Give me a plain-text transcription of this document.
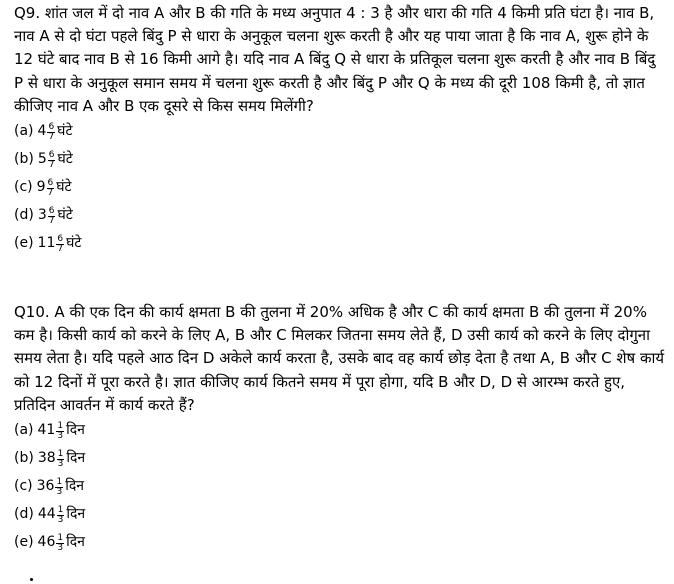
Q9. शांत जल में दो नाव A और B की गति के मध्य अनुपात 4 : 3 है और धारा की गति 4 किमी प्रति घंटा है। नाव B, नाव A से दो घंटा पहले बिंदु P से धारा के अनुकूल चलना शुरू करती है और यह पाया जाता है कि नाव A, शुरू होने के 12 घंटे बाद नाव B से 16 किमी आगे है। यदि नाव A बिंदु Q से धारा के प्रतिकूल चलना शुरू करती है और नाव B बिंदु P से धारा के अनुकूल समान समय में चलना शुरू करती है और बिंदु P और Q के मध्य की दूरी 108 किमी है, तो ज्ञात कीजिए नाव A और B एक दूसरे से किस समय मिलेंगी?

(a) $4 \frac{6}{7}$ घंटे
(b) $5 \frac{6}{7}$ घंटे
(c) $9 \frac{6}{7}$ घंटे
(d) $3 \frac{6}{7}$ घंटे
(e) $11 \frac{6}{7}$ घंटे

Q10. A की एक दिन की कार्य क्षमता B की तुलना में 20% अधिक है और C की कार्य क्षमता B की तुलना में 20% कम है। किसी कार्य को करने के लिए A, B और C मिलकर जितना समय लेते हैं, D उसी कार्य को करने के लिए दोगुना समय लेता है। यदि पहले आठ दिन D अकेले कार्य करता है, उसके बाद वह कार्य छोड़ देता है तथा A, B और C शेष कार्य को 12 दिनों में पूरा करते है। ज्ञात कीजिए कार्य कितने समय में पूरा होगा, यदि B और D, D से आरम्भ करते हुए, प्रतिदिन आवर्तन में कार्य करते हैं?

(a) $41 \frac{1}{3}$ दिन
(b) $38 \frac{1}{3}$ दिन
(c) $36 \frac{1}{3}$ दिन
(d) $44 \frac{1}{3}$ दिन
(e) $46 \frac{1}{3}$ दिन
